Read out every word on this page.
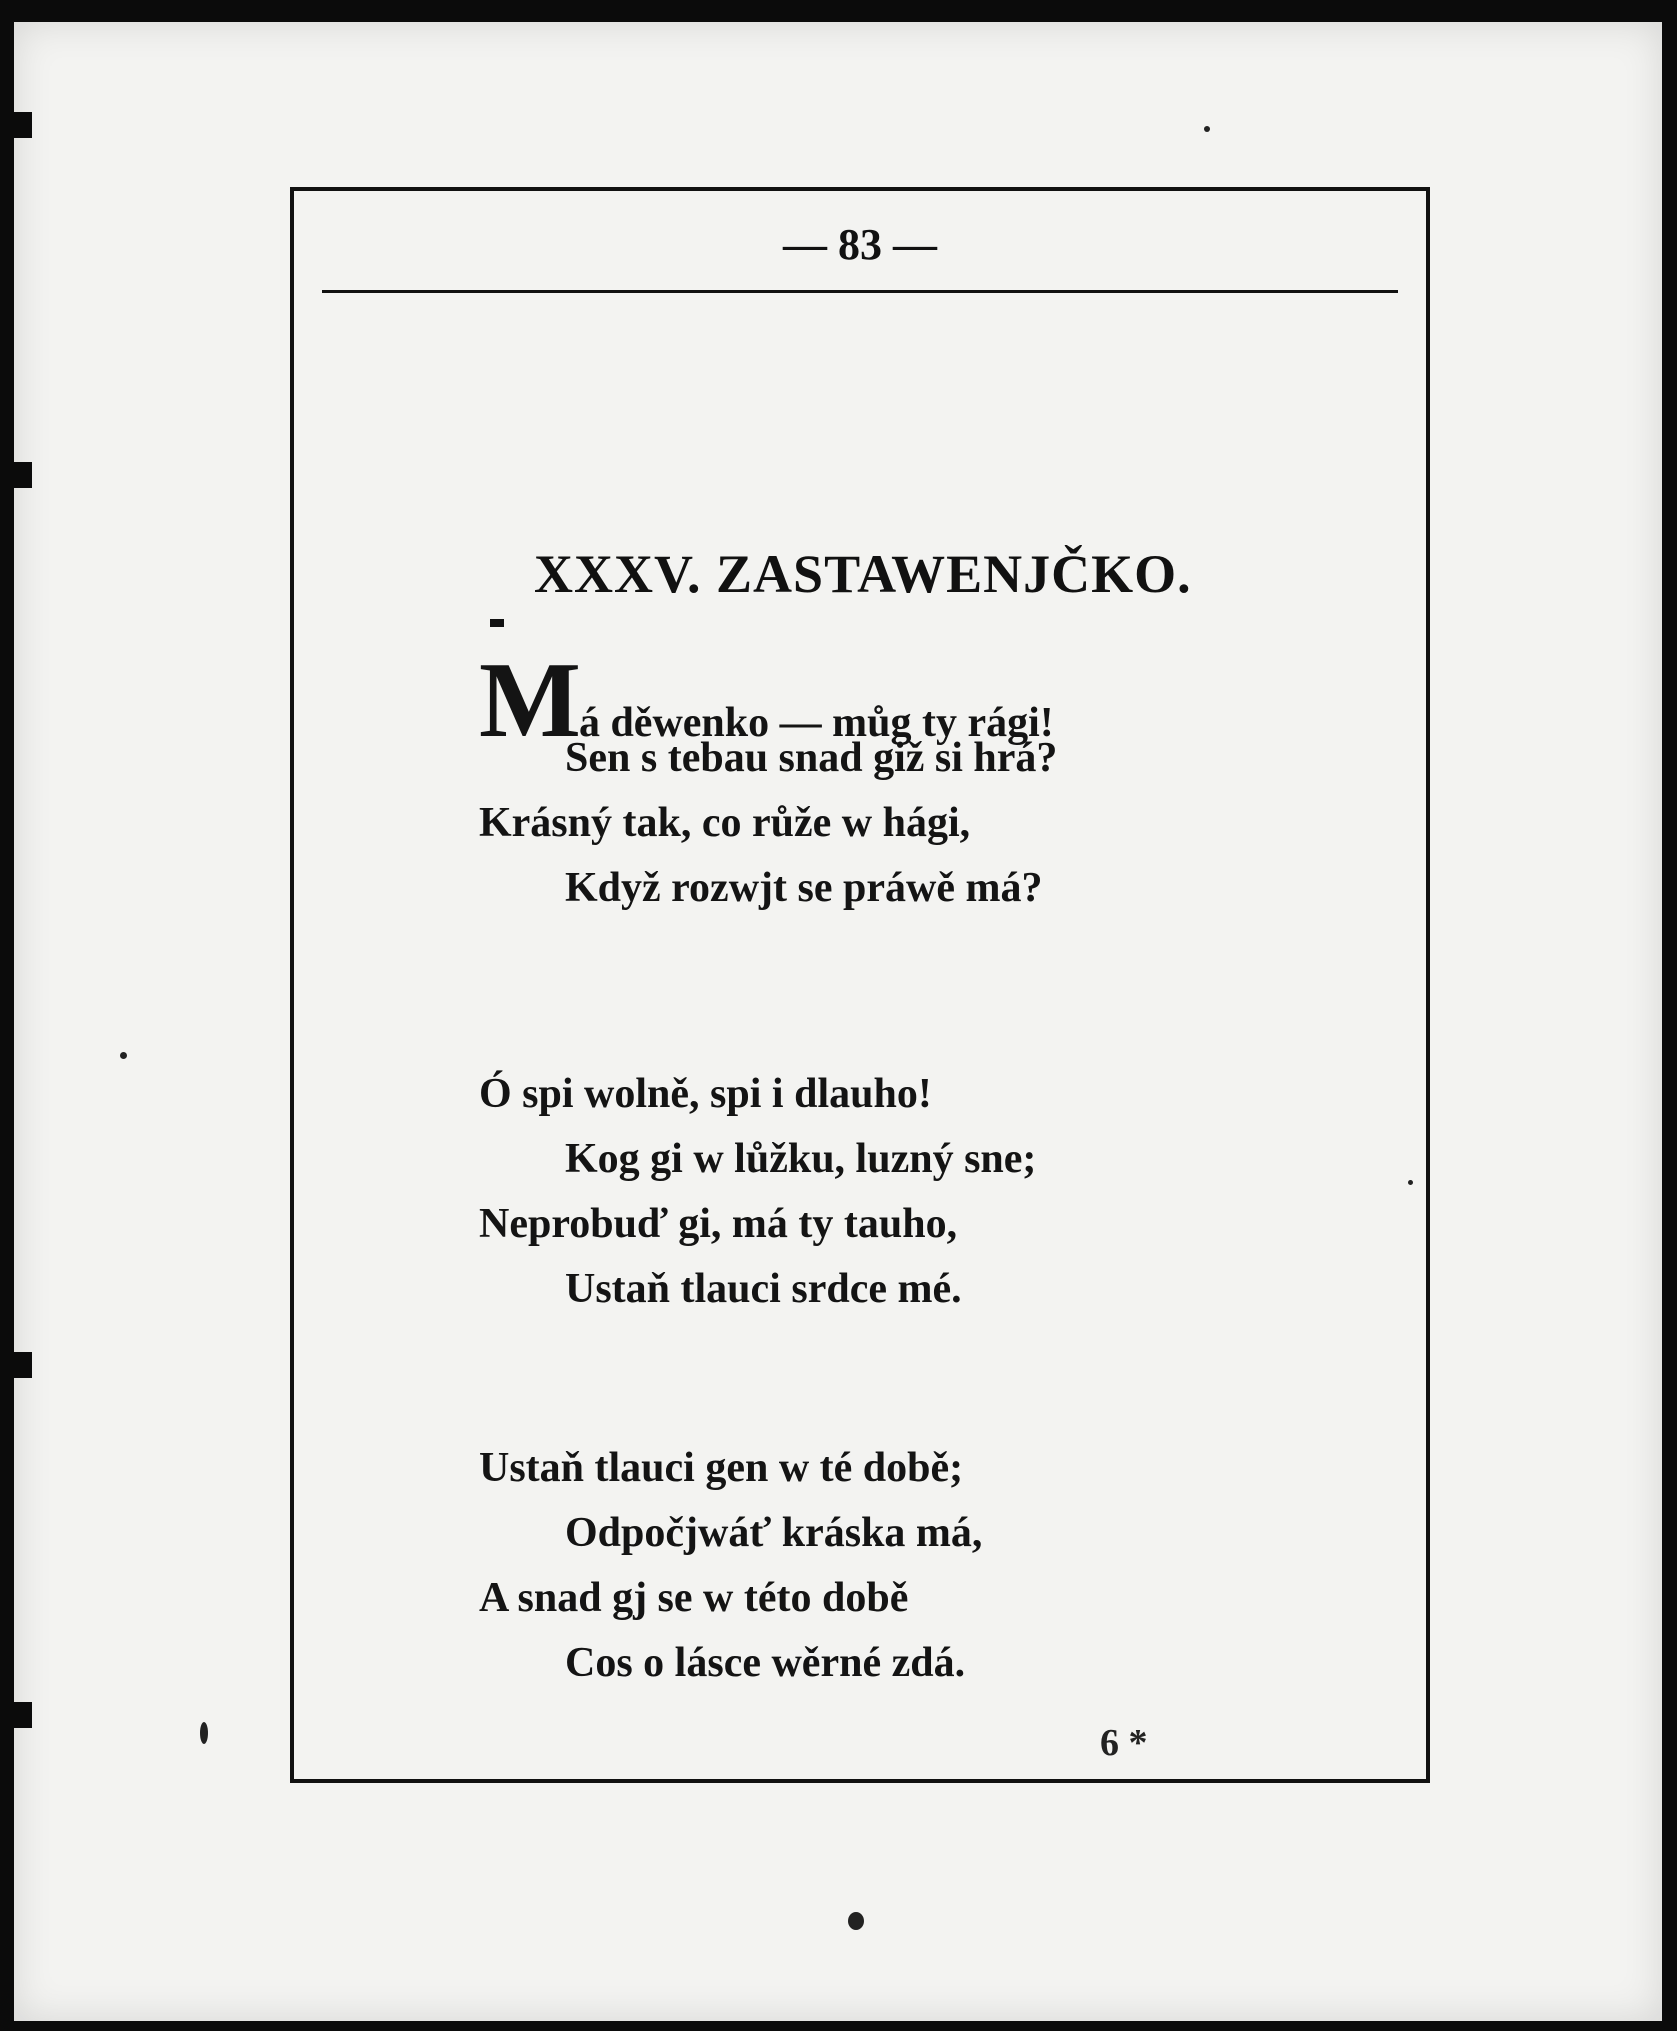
— 83 —
XXXV. ZASTAWENJČKO.
Má děwenko — můg ty rági!
Sen s tebau snad giž si hrá?
Krásný tak, co růže w hági,
Když rozwjt se práwě má?
Ó spi wolně, spi i dlauho!
Kog gi w lůžku, luzný sne;
Neprobuď gi, má ty tauho,
Ustaň tlauci srdce mé.
Ustaň tlauci gen w té době;
Odpočjwáť kráska má,
A snad gj se w této době
Cos o lásce wěrné zdá.
6 *
